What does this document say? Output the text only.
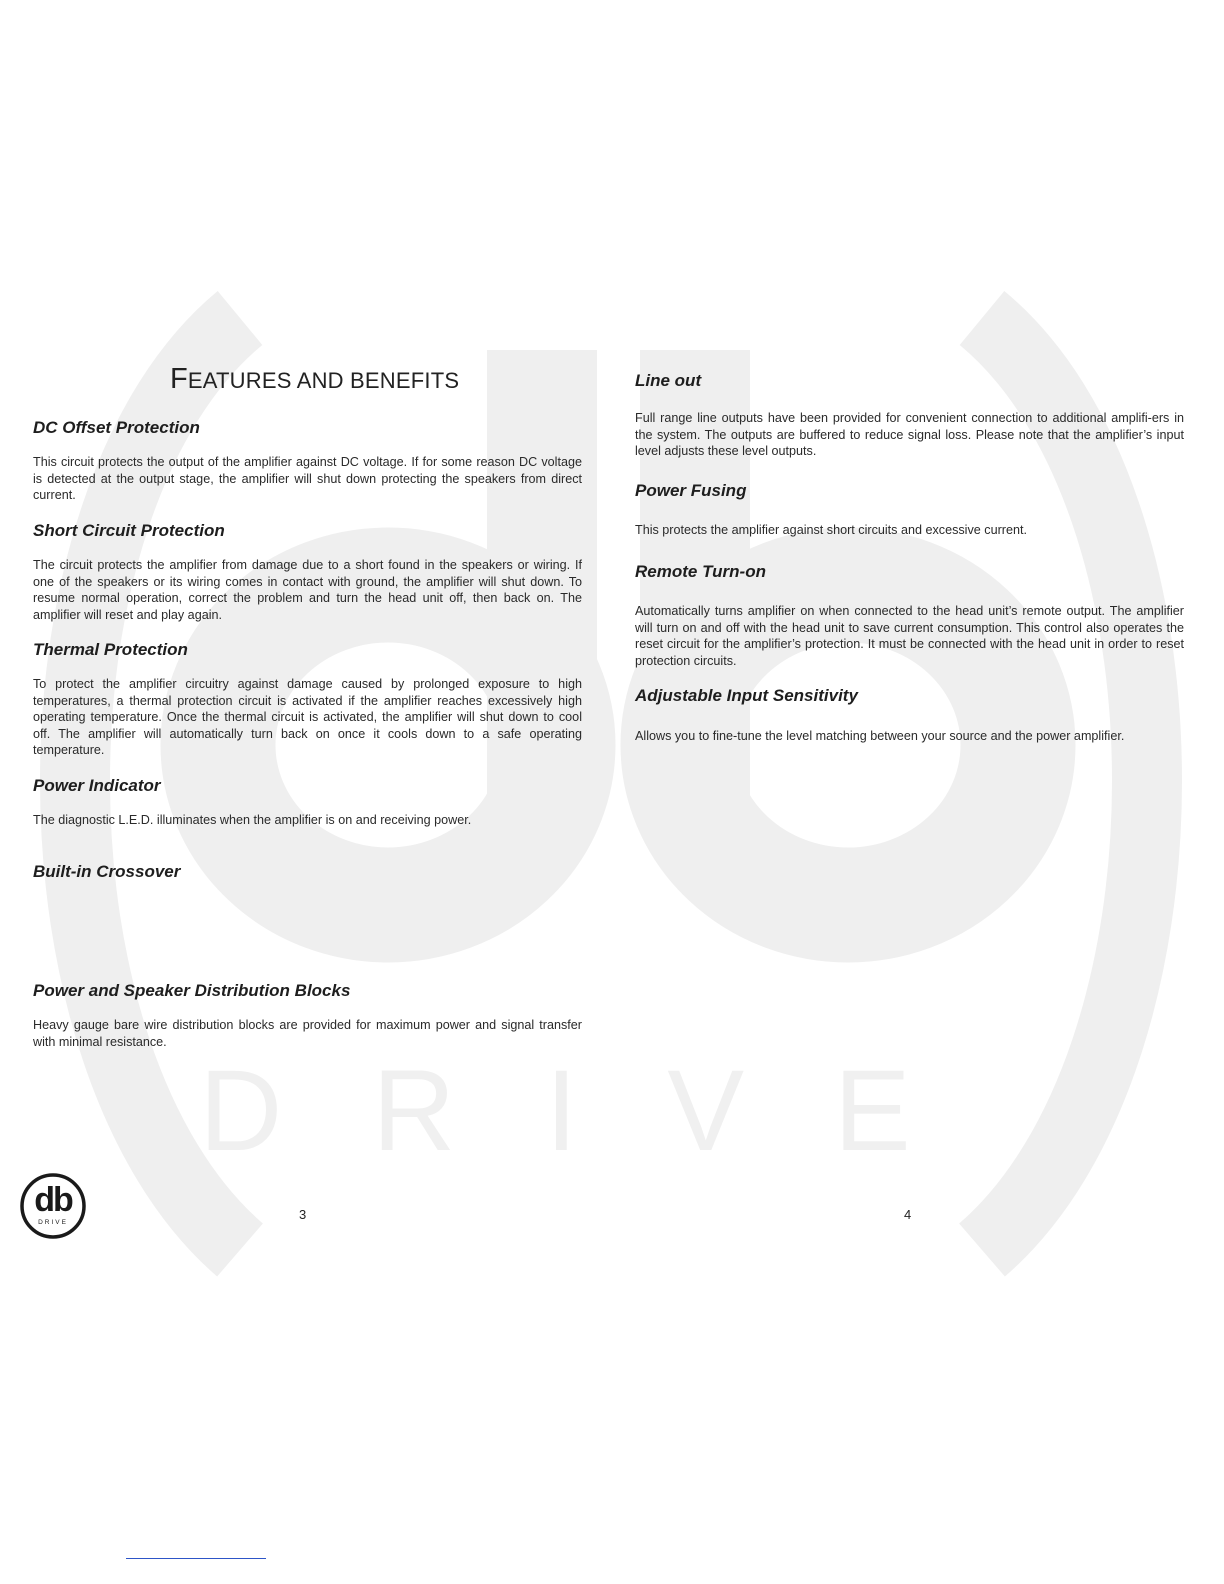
DRIVE
FEATURES AND BENEFITS
DC Offset Protection

This circuit protects the output of the amplifier against DC voltage. If for some reason DC voltage is detected at the output stage, the amplifier will shut down protecting the speakers from direct current.

Short Circuit Protection

The circuit protects the amplifier from damage due to a short found in the speakers or wiring. If one of the speakers or its wiring comes in contact with ground, the amplifier will shut down. To resume normal operation, correct the problem and turn the head unit off, then back on. The amplifier will reset and play again.

Thermal Protection

To protect the amplifier circuitry against damage caused by prolonged exposure to high temperatures, a thermal protection circuit is activated if the amplifier reaches excessively high operating temperature. Once the thermal circuit is activated, the amplifier will shut down to cool off. The amplifier will automatically turn back on once it cools down to a safe operating temperature.

Power Indicator

The diagnostic L.E.D. illuminates when the amplifier is on and receiving power.

Built-in Crossover
Power and Speaker Distribution Blocks

Heavy gauge bare wire distribution blocks are provided for maximum power and signal transfer with minimal resistance.

Line out

Full range line outputs have been provided for convenient connection to additional amplifi-ers in the system. The outputs are buffered to reduce signal loss. Please note that the amplifier’s input level adjusts these level outputs.

Power Fusing

This protects the amplifier against short circuits and excessive current.

Remote Turn-on

Automatically turns amplifier on when connected to the head unit’s remote output. The amplifier will turn on and off with the head unit to save current consumption. This control also operates the reset circuit for the amplifier’s protection. It must be connected with the head unit in order to reset protection circuits.

Adjustable Input Sensitivity

Allows you to fine-tune the level matching between your source and the power amplifier.

db
DRIVE
3	4
